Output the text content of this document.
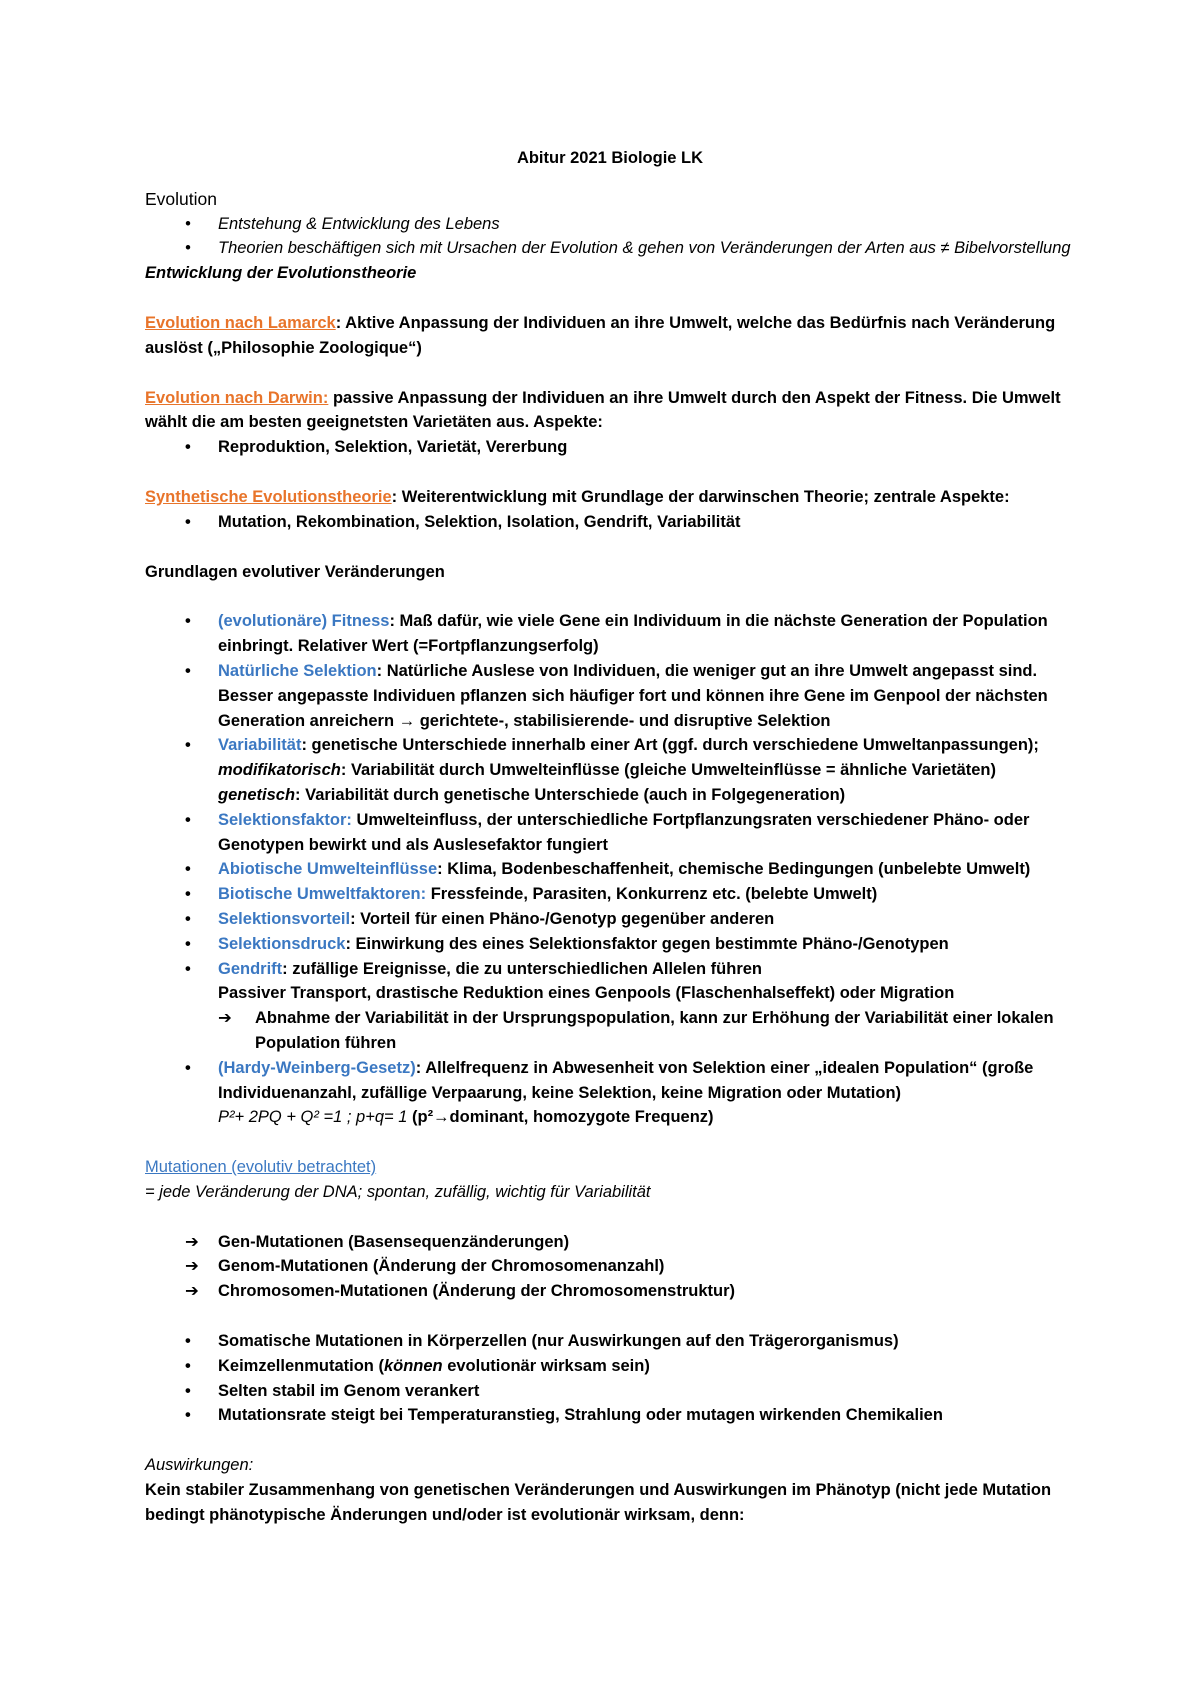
Abitur 2021 Biologie LK

Evolution

•	Entstehung & Entwicklung des Lebens
•	Theorien beschäftigen sich mit Ursachen der Evolution & gehen von Veränderungen der Arten aus ≠ Bibelvorstellung

Entwicklung der Evolutionstheorie

Evolution nach Lamarck: Aktive Anpassung der Individuen an ihre Umwelt, welche das Bedürfnis nach Veränderung auslöst („Philosophie Zoologique“)

Evolution nach Darwin: passive Anpassung der Individuen an ihre Umwelt durch den Aspekt der Fitness. Die Umwelt wählt die am besten geeignetsten Varietäten aus. Aspekte:

•	Reproduktion, Selektion, Varietät, Vererbung

Synthetische Evolutionstheorie: Weiterentwicklung mit Grundlage der darwinschen Theorie; zentrale Aspekte:

•	Mutation, Rekombination, Selektion, Isolation, Gendrift, Variabilität

Grundlagen evolutiver Veränderungen

•	(evolutionäre) Fitness: Maß dafür, wie viele Gene ein Individuum in die nächste Generation der Population einbringt. Relativer Wert (=Fortpflanzungserfolg)
•	Natürliche Selektion: Natürliche Auslese von Individuen, die weniger gut an ihre Umwelt angepasst sind. Besser angepasste Individuen pflanzen sich häufiger fort und können ihre Gene im Genpool der nächsten Generation anreichern → gerichtete-, stabilisierende- und disruptive Selektion
•	Variabilität: genetische Unterschiede innerhalb einer Art (ggf. durch verschiedene Umweltanpassungen); modifikatorisch: Variabilität durch Umwelteinflüsse (gleiche Umwelteinflüsse = ähnliche Varietäten) genetisch: Variabilität durch genetische Unterschiede (auch in Folgegeneration)
•	Selektionsfaktor: Umwelteinfluss, der unterschiedliche Fortpflanzungsraten verschiedener Phäno- oder Genotypen bewirkt und als Auslesefaktor fungiert
•	Abiotische Umwelteinflüsse: Klima, Bodenbeschaffenheit, chemische Bedingungen (unbelebte Umwelt)
•	Biotische Umweltfaktoren: Fressfeinde, Parasiten, Konkurrenz etc. (belebte Umwelt)
•	Selektionsvorteil: Vorteil für einen Phäno-/Genotyp gegenüber anderen
•	Selektionsdruck: Einwirkung des eines Selektionsfaktor gegen bestimmte Phäno-/Genotypen
•	Gendrift: zufällige Ereignisse, die zu unterschiedlichen Allelen führen
Passiver Transport, drastische Reduktion eines Genpools (Flaschenhalseffekt) oder Migration
➔	Abnahme der Variabilität in der Ursprungspopulation, kann zur Erhöhung der Variabilität einer lokalen Population führen
•	(Hardy-Weinberg-Gesetz): Allelfrequenz in Abwesenheit von Selektion einer „idealen Population“ (große Individuenanzahl, zufällige Verpaarung, keine Selektion, keine Migration oder Mutation)
P²+ 2PQ + Q² =1 ; p+q= 1 (p²→dominant, homozygote Frequenz)

Mutationen (evolutiv betrachtet)

= jede Veränderung der DNA; spontan, zufällig, wichtig für Variabilität

➔	Gen-Mutationen (Basensequenzänderungen)
➔	Genom-Mutationen (Änderung der Chromosomenanzahl)
➔	Chromosomen-Mutationen (Änderung der Chromosomenstruktur)
•	Somatische Mutationen in Körperzellen (nur Auswirkungen auf den Trägerorganismus)
•	Keimzellenmutation (können evolutionär wirksam sein)
•	Selten stabil im Genom verankert
•	Mutationsrate steigt bei Temperaturanstieg, Strahlung oder mutagen wirkenden Chemikalien

Auswirkungen:

Kein stabiler Zusammenhang von genetischen Veränderungen und Auswirkungen im Phänotyp (nicht jede Mutation bedingt phänotypische Änderungen und/oder ist evolutionär wirksam, denn:
